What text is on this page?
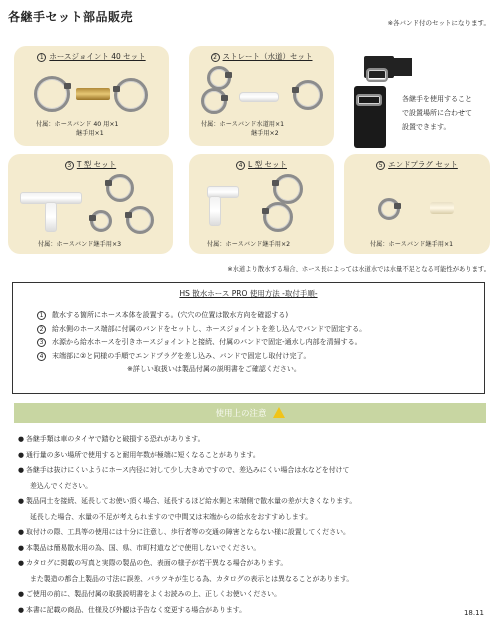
各継手セット部品販売	※各バンド付のセットになります。
1 ホースジョイント 40 セット
付属：ホースバンド 40 用×1
継手用×1
2 ストレート（水道）セット
付属：ホースバンド水道用×1
継手用×2
各継手を使用すること
で設置場所に合わせて
設置できます。
3 T 型 セット
付属：ホースバンド継手用×3
4 L 型 セット
付属：ホースバンド継手用×2
5 エンドプラグ セット
付属：ホースバンド継手用×1
※水道より散水する場合、ホース長によっては水道水では水量不足となる可能性があります。
HS 散水ホース PRO 使用方法 -取付手順-
1 散水する箇所にホース本体を設置する。(穴穴の位置は散水方向を確認する)
2 給水側のホース端部に付属のバンドをセットし、ホースジョイントを差し込んでバンドで固定する。
3 水源から給水ホースを引きホースジョイントと接続、付属のバンドで固定-通水し内部を清掃する。
4 末端部に②と同様の手順でエンドプラグを差し込み、バンドで固定し取付け完了。
※詳しい取扱いは製品付属の説明書をご確認ください。
使用上の注意
● 各継手類は車のタイヤで踏むと破損する恐れがあります。
● 通行量の多い場所で使用すると耐用年数が極端に短くなることがあります。
● 各継手は抜けにくいようにホース内径に対して少し大きめですので、差込みにくい場合は水などを付けて
差込んでください。
● 製品同士を接続、延長してお使い頂く場合、延長するほど給水側と末端側で散水量の差が大きくなります。
延長した場合、水量の不足が考えられますので中間又は末端からの給水をおすすめします。
● 取付けの際、工具等の使用には十分に注意し、歩行者等の交通の障害とならない様に設置してください。
● 本製品は簡易散水用の為、国、県、市町村道などで使用しないでください。
● カタログに掲載の写真と実際の製品の色、表面の様子が若干異なる場合があります。
また製造の都合上製品の寸法に誤差、バラツキが生じる為、カタログの表示とは異なることがあります。
● ご使用の前に、製品付属の取扱説明書をよくお読みの上、正しくお使いください。
● 本書に記載の商品、仕様及び外観は予告なく変更する場合があります。	18.11
